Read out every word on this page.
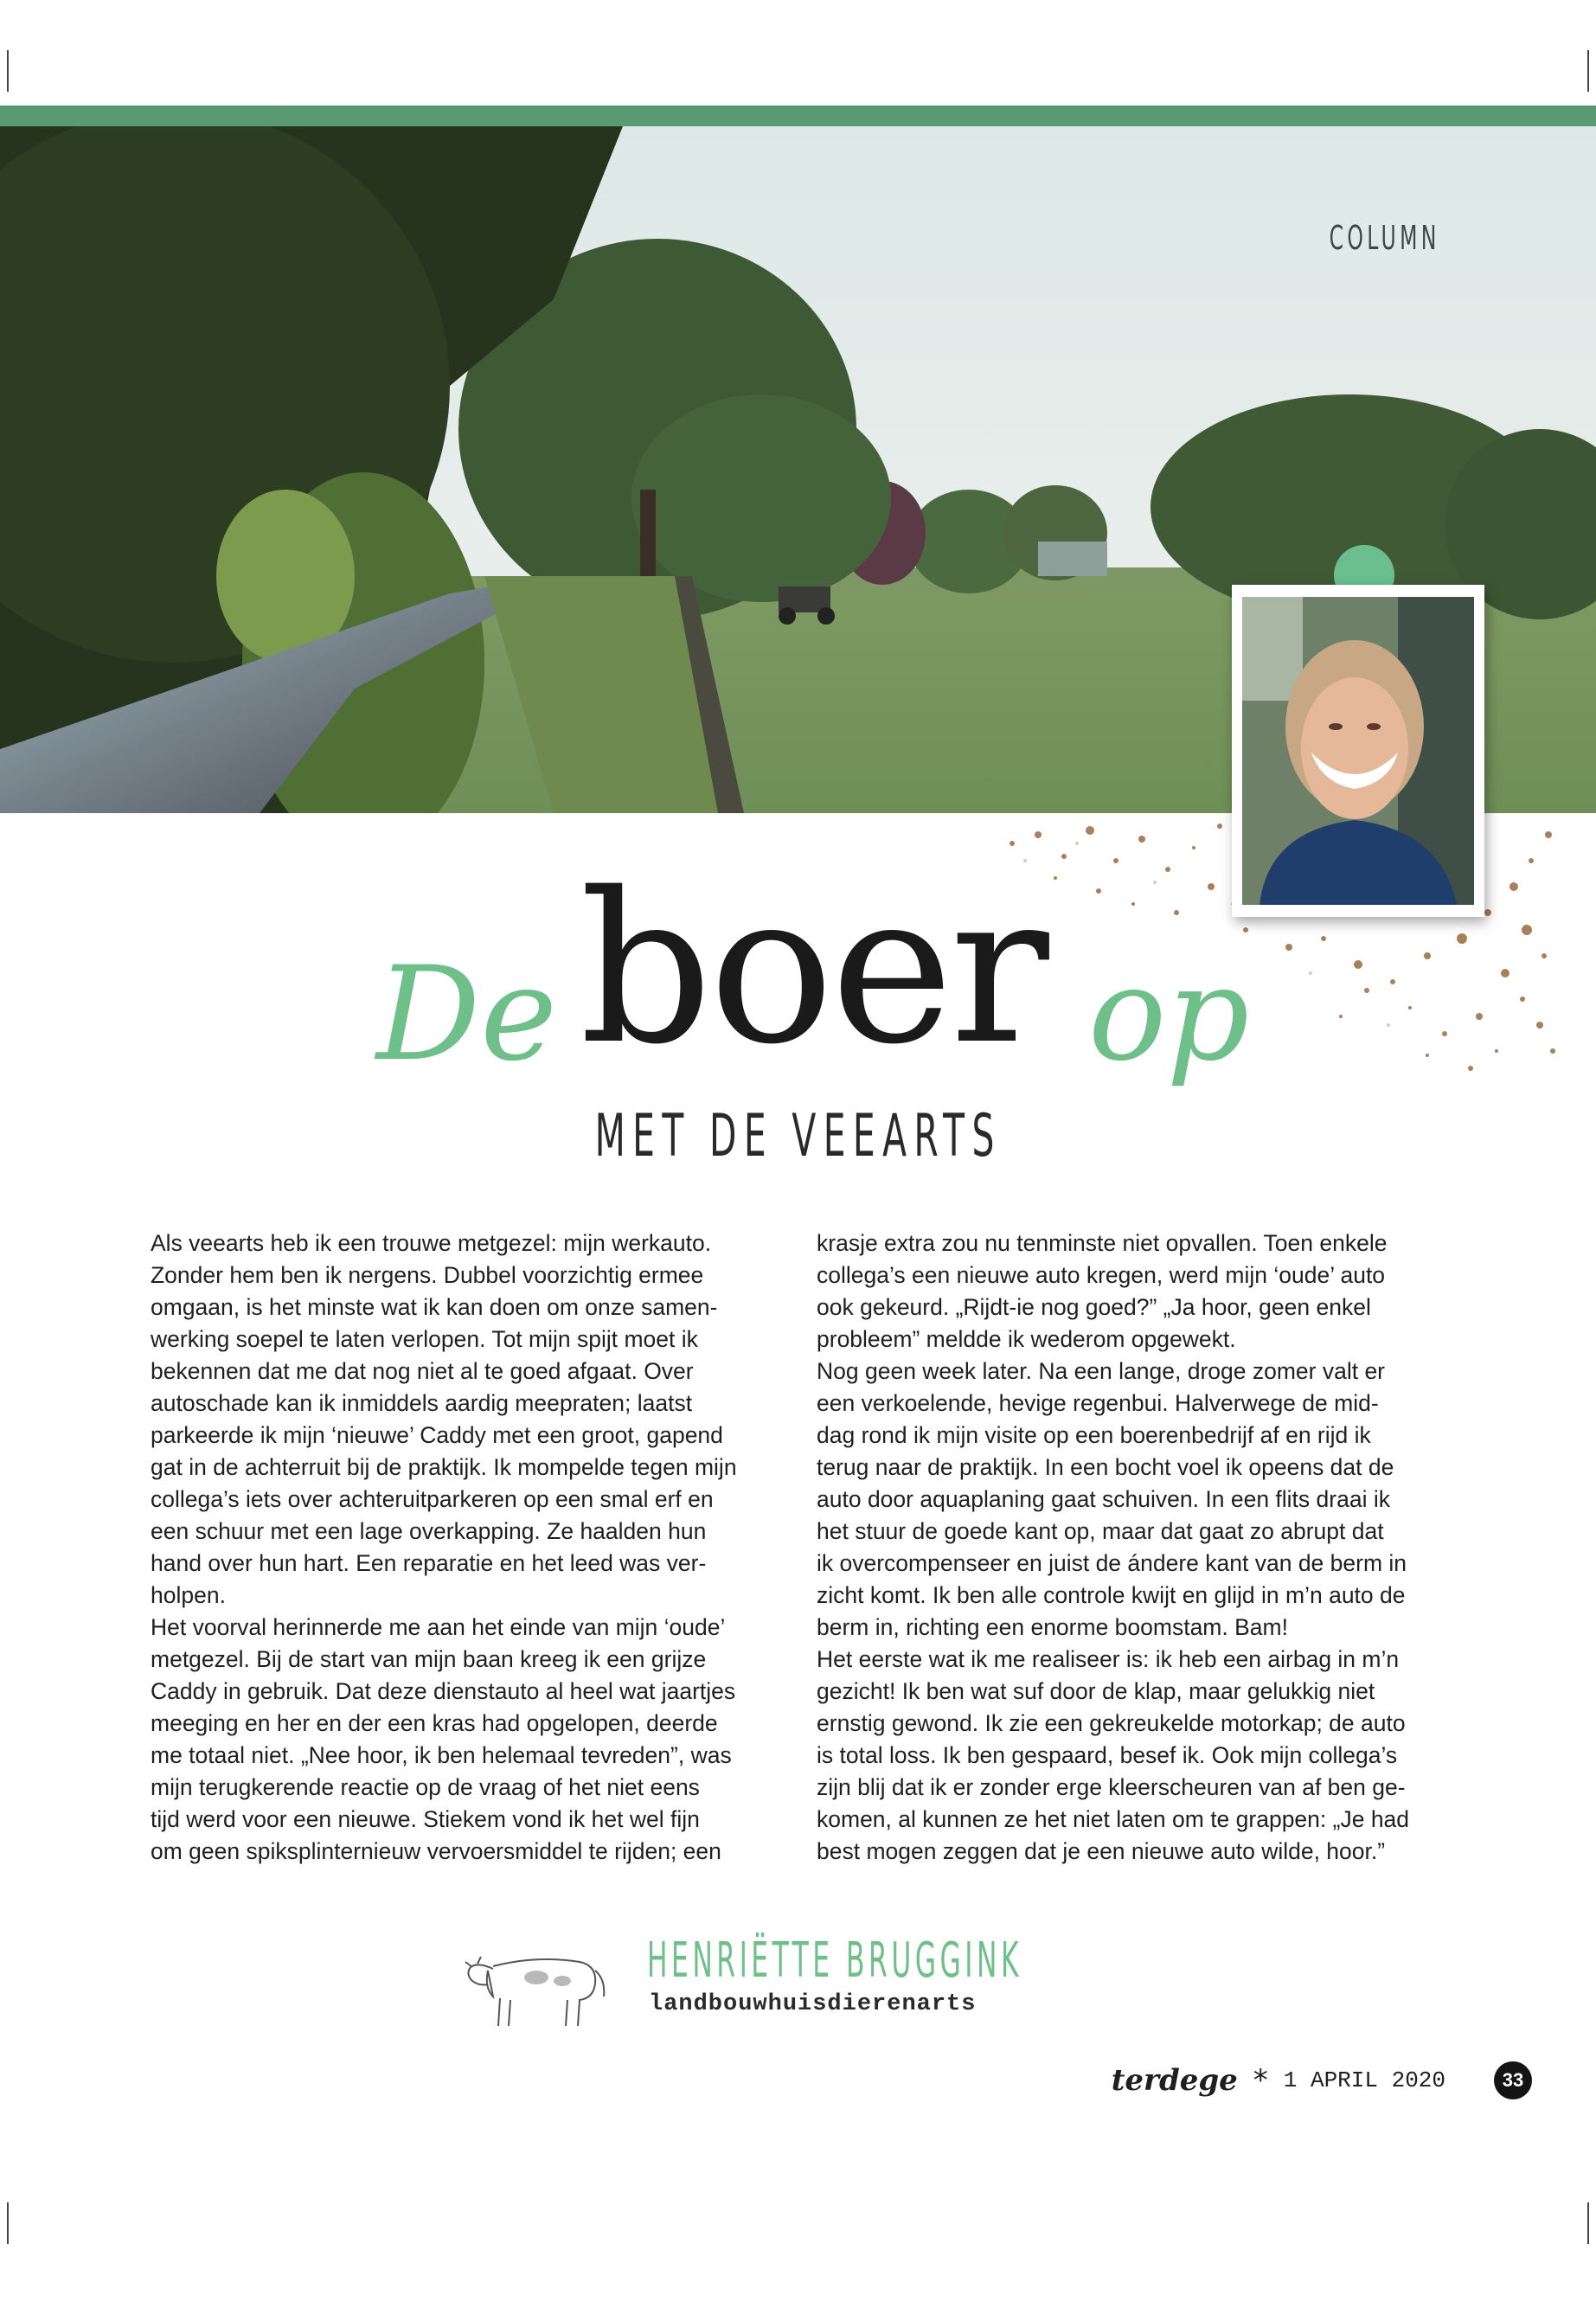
COLUMN
De boer op
MET DE VEEARTS
Als veearts heb ik een trouwe metgezel: mijn werkauto.
Zonder hem ben ik nergens. Dubbel voorzichtig ermee
omgaan, is het minste wat ik kan doen om onze samen-
werking soepel te laten verlopen. Tot mijn spijt moet ik
bekennen dat me dat nog niet al te goed afgaat. Over
autoschade kan ik inmiddels aardig meepraten; laatst
parkeerde ik mijn ‘nieuwe’ Caddy met een groot, gapend
gat in de achterruit bij de praktijk. Ik mompelde tegen mijn
collega’s iets over achteruitparkeren op een smal erf en
een schuur met een lage overkapping. Ze haalden hun
hand over hun hart. Een reparatie en het leed was ver-
holpen.
Het voorval herinnerde me aan het einde van mijn ‘oude’
metgezel. Bij de start van mijn baan kreeg ik een grijze
Caddy in gebruik. Dat deze dienstauto al heel wat jaartjes
meeging en her en der een kras had opgelopen, deerde
me totaal niet. „Nee hoor, ik ben helemaal tevreden”, was
mijn terugkerende reactie op de vraag of het niet eens
tijd werd voor een nieuwe. Stiekem vond ik het wel fijn
om geen spiksplinternieuw vervoersmiddel te rijden; een
krasje extra zou nu tenminste niet opvallen. Toen enkele
collega’s een nieuwe auto kregen, werd mijn ‘oude’ auto
ook gekeurd. „Rijdt-ie nog goed?” „Ja hoor, geen enkel
probleem” meldde ik wederom opgewekt.
Nog geen week later. Na een lange, droge zomer valt er
een verkoelende, hevige regenbui. Halverwege de mid-
dag rond ik mijn visite op een boerenbedrijf af en rijd ik
terug naar de praktijk. In een bocht voel ik opeens dat de
auto door aquaplaning gaat schuiven. In een flits draai ik
het stuur de goede kant op, maar dat gaat zo abrupt dat
ik overcompenseer en juist de ándere kant van de berm in
zicht komt. Ik ben alle controle kwijt en glijd in m’n auto de
berm in, richting een enorme boomstam. Bam!
Het eerste wat ik me realiseer is: ik heb een airbag in m’n
gezicht! Ik ben wat suf door de klap, maar gelukkig niet
ernstig gewond. Ik zie een gekreukelde motorkap; de auto
is total loss. Ik ben gespaard, besef ik. Ook mijn collega’s
zijn blij dat ik er zonder erge kleerscheuren van af ben ge-
komen, al kunnen ze het niet laten om te grappen: „Je had
best mogen zeggen dat je een nieuwe auto wilde, hoor.”
HENRIËTTE BRUGGINK
landbouwhuisdierenarts
terdege * 1 APRIL 2020	33
